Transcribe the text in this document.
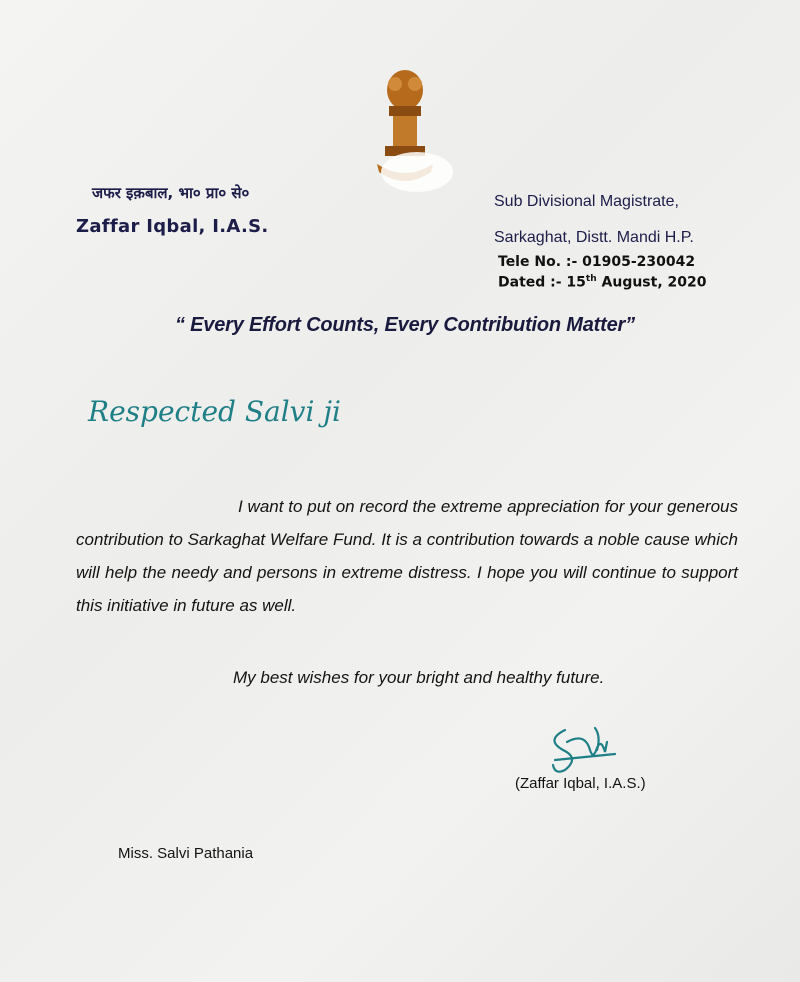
जफर इक़बाल, भा० प्रा० से०
Zaffar Iqbal, I.A.S.
Sub Divisional Magistrate,
Sarkaghat, Distt. Mandi H.P.
Tele No. :- 01905-230042
Dated :- 15th August, 2020
“ Every Effort Counts, Every Contribution Matter”
Respected Salvi ji
I want to put on record the extreme appreciation for your generous contribution to Sarkaghat Welfare Fund. It is a contribution towards a noble cause which will help the needy and persons in extreme distress. I hope you will continue to support this initiative in future as well.
My best wishes for your bright and healthy future.
(Zaffar Iqbal, I.A.S.)
Miss. Salvi Pathania
